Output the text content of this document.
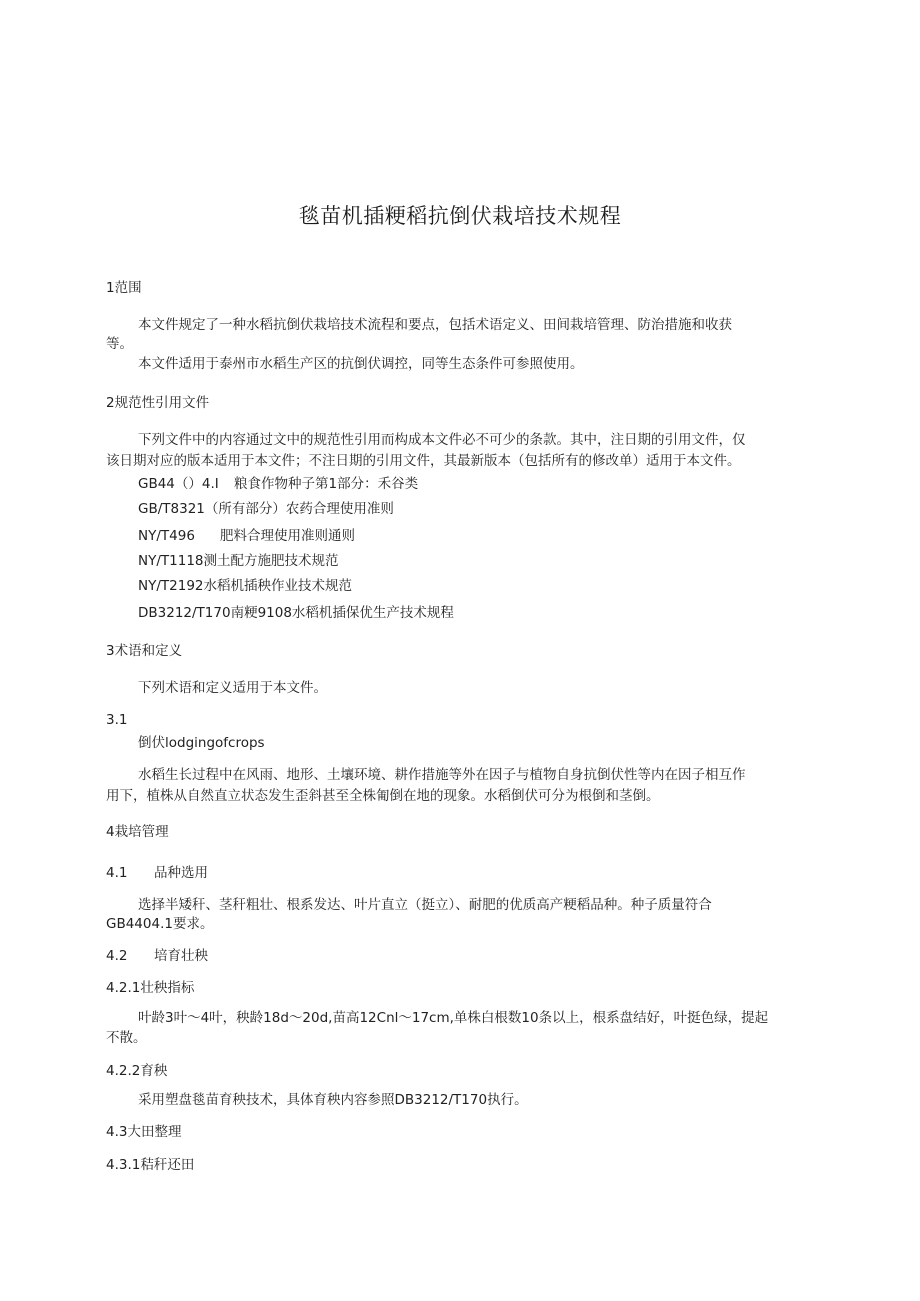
毯苗机插粳稻抗倒伏栽培技术规程

1范围

本文件规定了一种水稻抗倒伏栽培技术流程和要点，包括术语定义、田间栽培管理、防治措施和收获

等。

本文件适用于泰州市水稻生产区的抗倒伏调控，同等生态条件可参照使用。

2规范性引用文件

下列文件中的内容通过文中的规范性引用而构成本文件必不可少的条款。其中，注日期的引用文件，仅

该日期对应的版本适用于本文件；不注日期的引用文件，其最新版本（包括所有的修改单）适用于本文件。

GB44（）4.I 粮食作物种子第1部分：禾谷类

GB/T8321（所有部分）农药合理使用准则

NY/T496 肥料合理使用准则通则

NY/T1118测土配方施肥技术规范

NY/T2192水稻机插秧作业技术规范

DB3212/T170南粳9108水稻机插保优生产技术规程

3术语和定义

下列术语和定义适用于本文件。

3.1

倒伏lodgingofcrops

水稻生长过程中在风雨、地形、土壤环境、耕作措施等外在因子与植物自身抗倒伏性等内在因子相互作

用下，植株从自然直立状态发生歪斜甚至全株匍倒在地的现象。水稻倒伏可分为根倒和茎倒。

4栽培管理

4.1 品种选用

选择半矮秆、茎秆粗壮、根系发达、叶片直立（挺立）、耐肥的优质高产粳稻品种。种子质量符合

GB4404.1要求。

4.2 培育壮秧

4.2.1壮秧指标

叶龄3叶～4叶，秧龄18d～20d,苗高12Cnl～17cm,单株白根数10条以上，根系盘结好，叶挺色绿，提起

不散。

4.2.2育秧

采用塑盘毯苗育秧技术，具体育秧内容参照DB3212/T170执行。

4.3大田整理

4.3.1秸秆还田
